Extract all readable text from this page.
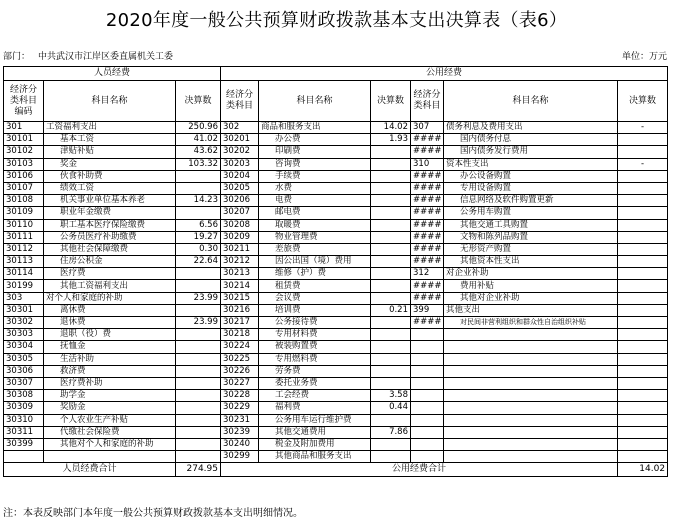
2020年度一般公共预算财政拨款基本支出决算表（表6）
部门： 中共武汉市江岸区委直属机关工委	单位：万元
人员经费			公用经费					
经济分类科目编码	科目名称	决算数	经济分类科目	科目名称	决算数	经济分类科目	科目名称	决算数
301	工资福利支出	250.96	302	商品和服务支出	14.02	307	债务利息及费用支出	-
30101	基本工资	41.02	30201	办公费	1.93	####	国内债务付息	
30102	津贴补贴	43.62	30202	印刷费		####	国内债务发行费用	
30103	奖金	103.32	30203	咨询费		310	资本性支出	-
30106	伙食补助费		30204	手续费		####	办公设备购置	
30107	绩效工资		30205	水费		####	专用设备购置	
30108	机关事业单位基本养老	14.23	30206	电费		####	信息网络及软件购置更新	
30109	职业年金缴费		30207	邮电费		####	公务用车购置	
30110	职工基本医疗保险缴费	6.56	30208	取暖费		####	其他交通工具购置	
30111	公务员医疗补助缴费	19.27	30209	物业管理费		####	文物和陈列品购置	
30112	其他社会保障缴费	0.30	30211	差旅费		####	无形资产购置	
30113	住房公积金	22.64	30212	因公出国（境）费用		####	其他资本性支出	
30114	医疗费		30213	维修（护）费		312	对企业补助	
30199	其他工资福利支出		30214	租赁费		####	费用补贴	
303	对个人和家庭的补助	23.99	30215	会议费		####	其他对企业补助	
30301	离休费		30216	培训费	0.21	399	其他支出	
30302	退休费	23.99	30217	公务接待费		####	对民间非营利组织和群众性自治组织补贴	
30303	退职（役）费		30218	专用材料费				
30304	抚恤金		30224	被装购置费				
30305	生活补助		30225	专用燃料费				
30306	救济费		30226	劳务费				
30307	医疗费补助		30227	委托业务费				
30308	助学金		30228	工会经费	3.58			
30309	奖励金		30229	福利费	0.44			
30310	个人农业生产补贴		30231	公务用车运行维护费				
30311	代缴社会保险费		30239	其他交通费用	7.86			
30399	其他对个人和家庭的补助		30240	税金及附加费用				
			30299	其他商品和服务支出				
人员经费合计		274.95	公用经费合计					14.02
注：本表反映部门本年度一般公共预算财政拨款基本支出明细情况。
